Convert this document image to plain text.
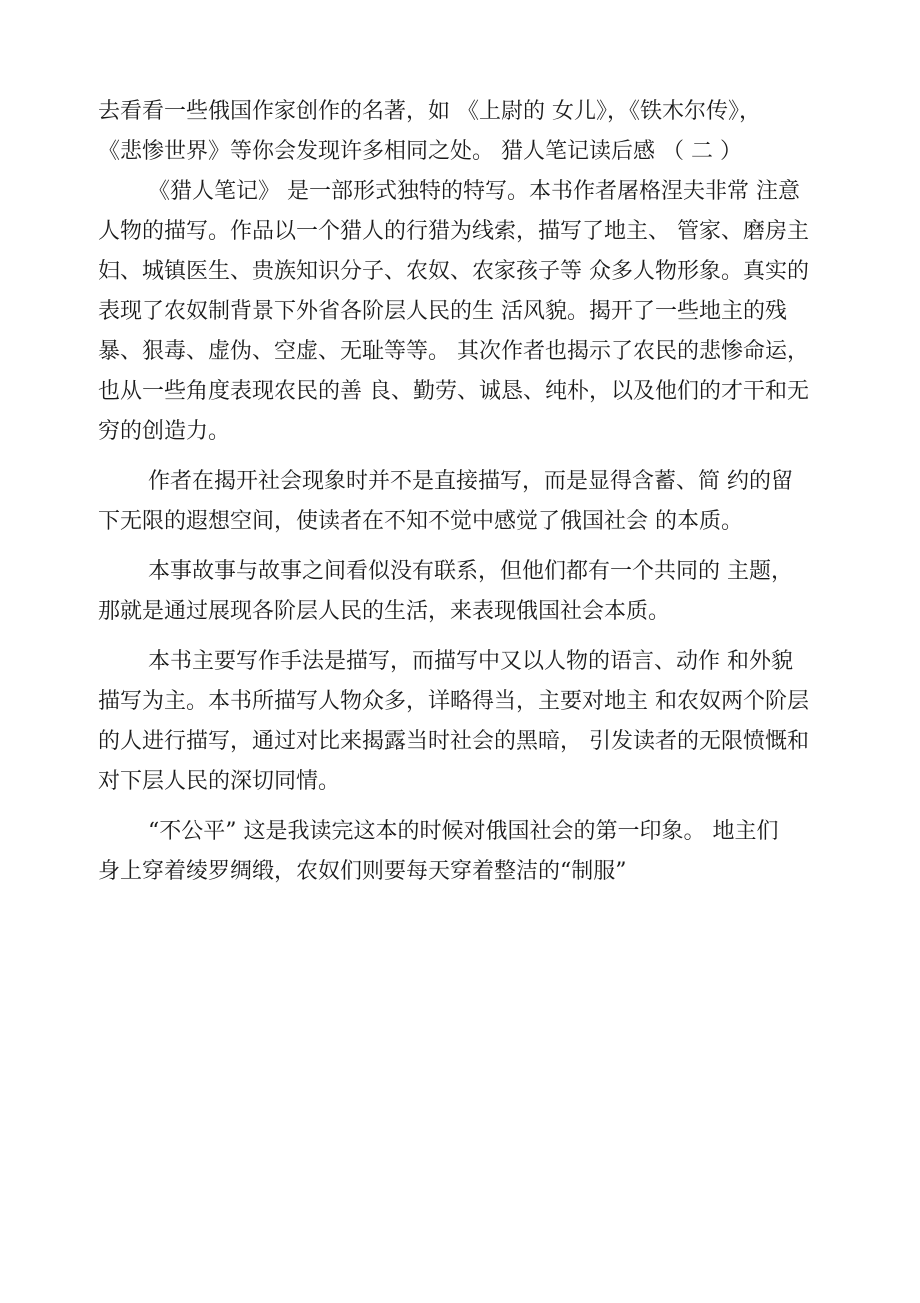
去看看一些俄国作家创作的名著，如 《上尉的 女儿》，《铁木尔传》，
《悲惨世界》等你会发现许多相同之处。 猎人笔记读后感 （ 二 ）
《猎人笔记》 是一部形式独特的特写。本书作者屠格涅夫非常 注意
人物的描写。作品以一个猎人的行猎为线索，描写了地主、 管家、磨房主
妇、城镇医生、贵族知识分子、农奴、农家孩子等 众多人物形象。真实的
表现了农奴制背景下外省各阶层人民的生 活风貌。揭开了一些地主的残
暴、狠毒、虚伪、空虚、无耻等等。 其次作者也揭示了农民的悲惨命运，
也从一些角度表现农民的善 良、勤劳、诚恳、纯朴，以及他们的才干和无
穷的创造力。
作者在揭开社会现象时并不是直接描写，而是显得含蓄、简 约的留
下无限的遐想空间，使读者在不知不觉中感觉了俄国社会 的本质。
本事故事与故事之间看似没有联系，但他们都有一个共同的 主题，
那就是通过展现各阶层人民的生活，来表现俄国社会本质。
本书主要写作手法是描写，而描写中又以人物的语言、动作 和外貌
描写为主。本书所描写人物众多，详略得当，主要对地主 和农奴两个阶层
的人进行描写，通过对比来揭露当时社会的黑暗， 引发读者的无限愤慨和
对下层人民的深切同情。
“不公平” 这是我读完这本的时候对俄国社会的第一印象。 地主们
身上穿着绫罗绸缎，农奴们则要每天穿着整洁的“制服”
